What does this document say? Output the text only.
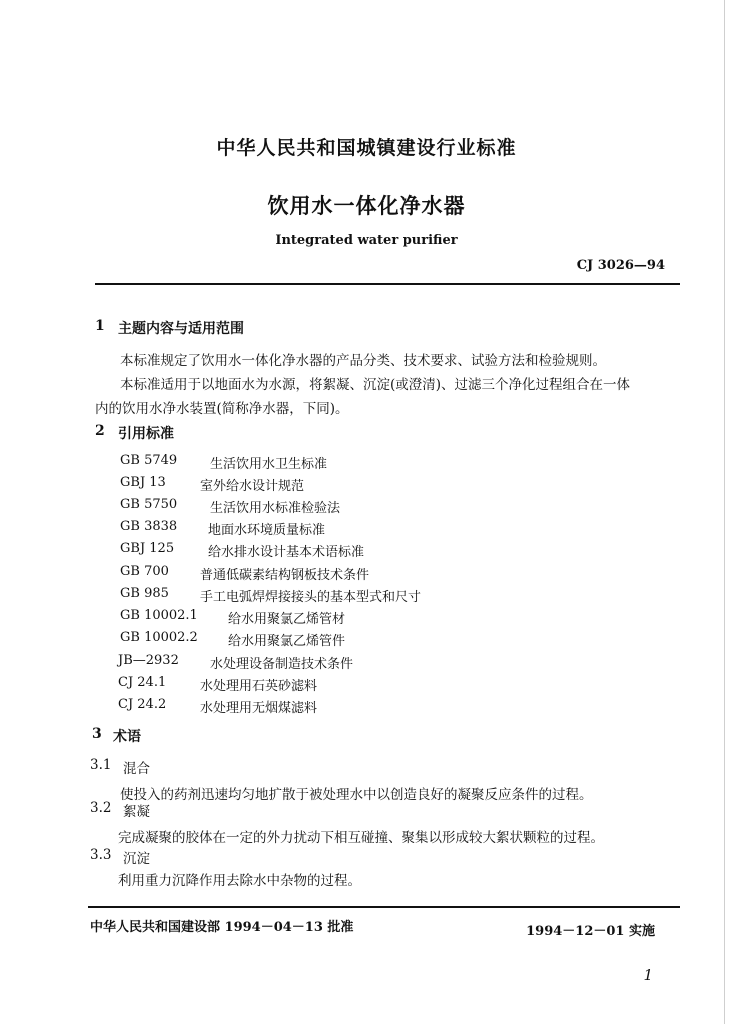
中华人民共和国城镇建设行业标准
饮用水一体化净水器
Integrated water purifier
CJ 3026—94
1 主题内容与适用范围
本标准规定了饮用水一体化净水器的产品分类、技术要求、试验方法和检验规则。
本标准适用于以地面水为水源，将絮凝、沉淀(或澄清)、过滤三个净化过程组合在一体
内的饮用水净水装置(简称净水器，下同)。
2 引用标准
GB 5749	生活饮用水卫生标准
GBJ 13	室外给水设计规范
GB 5750	生活饮用水标准检验法
GB 3838 地面水环境质量标准
GBJ 125	给水排水设计基本术语标准
GB 700 普通低碳素结构钢板技术条件
GB 985 手工电弧焊焊接接头的基本型式和尺寸
GB 10002.1 给水用聚氯乙烯管材
GB 10002.2 给水用聚氯乙烯管件
JB—2932 水处理设备制造技术条件
CJ 24.1	水处理用石英砂滤料
CJ 24.2	水处理用无烟煤滤料
3 术语
3.1 混合
使投入的药剂迅速均匀地扩散于被处理水中以创造良好的凝聚反应条件的过程。
3.2 絮凝
完成凝聚的胶体在一定的外力扰动下相互碰撞、聚集以形成较大絮状颗粒的过程。
3.3 沉淀
利用重力沉降作用去除水中杂物的过程。
中华人民共和国建设部 1994－04－13 批准	1994－12－01 实施
1
